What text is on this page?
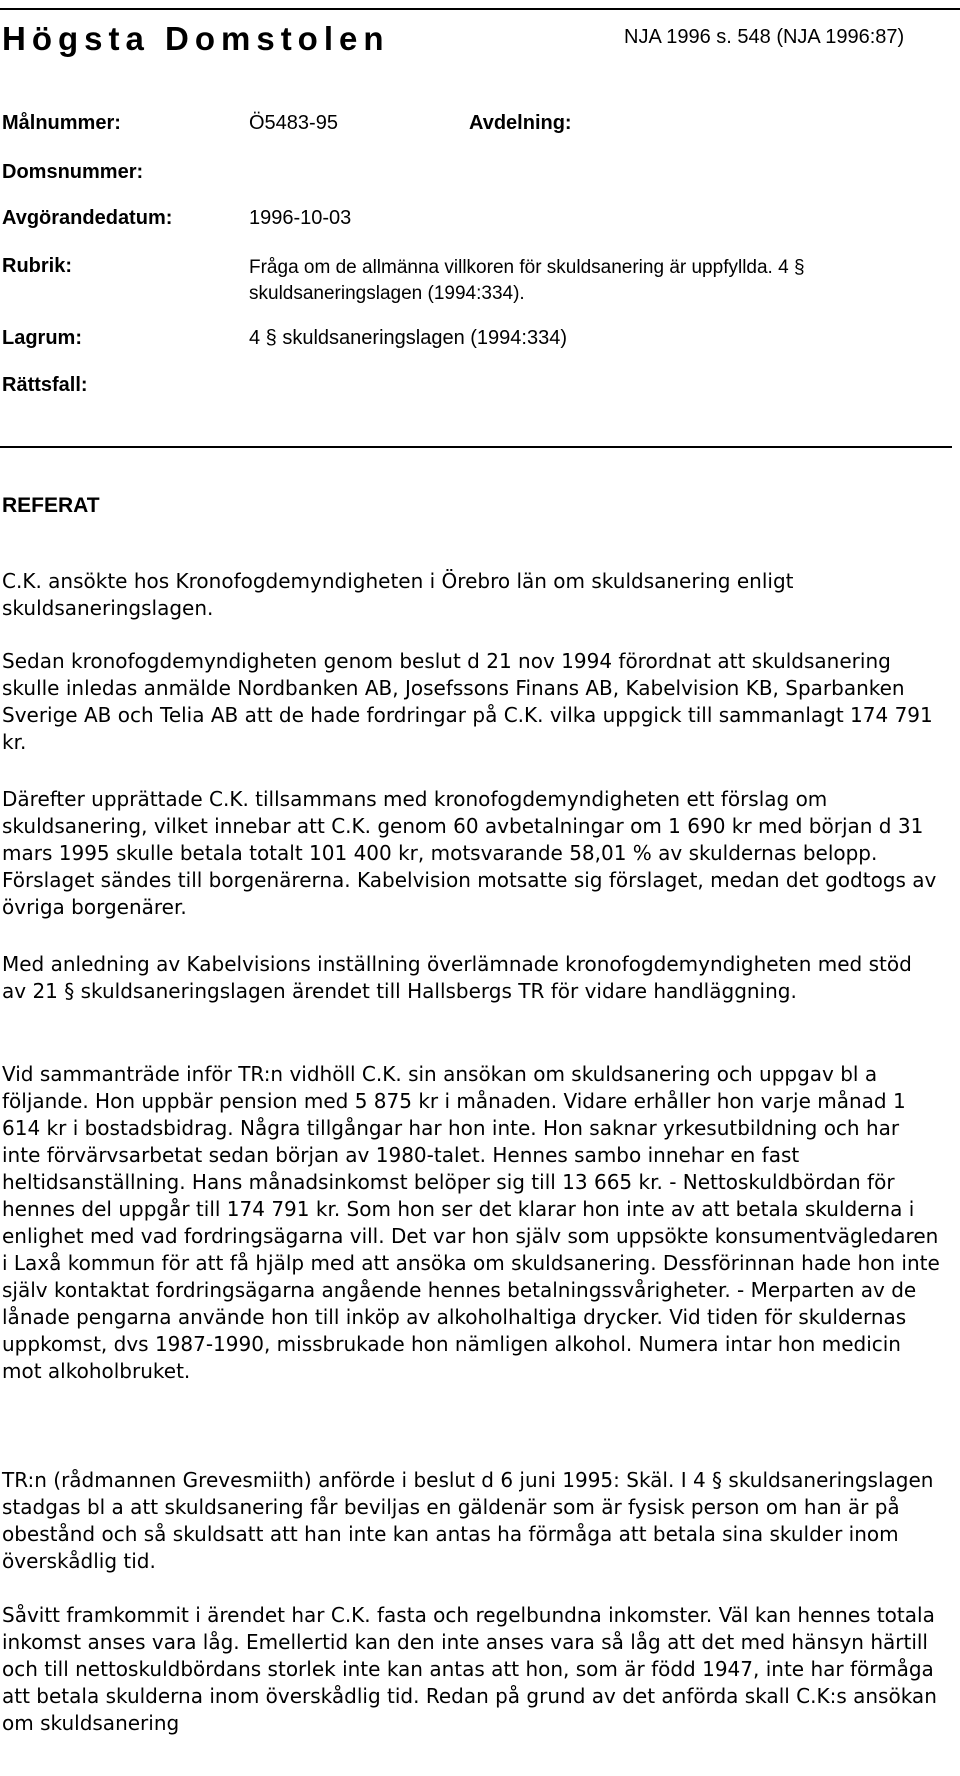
Högsta Domstolen	NJA 1996 s. 548 (NJA 1996:87)
Målnummer:	Ö5483-95	Avdelning:
Domsnummer:
Avgörandedatum:	1996-10-03
Rubrik:	Fråga om de allmänna villkoren för skuldsanering är uppfyllda. 4 § skuldsaneringslagen (1994:334).
Lagrum:	4 § skuldsaneringslagen (1994:334)
Rättsfall:
REFERAT

C.K. ansökte hos Kronofogdemyndigheten i Örebro län om skuldsanering enligt skuldsaneringslagen.

Sedan kronofogdemyndigheten genom beslut d 21 nov 1994 förordnat att skuldsanering skulle inledas anmälde Nordbanken AB, Josefssons Finans AB, Kabelvision KB, Sparbanken Sverige AB och Telia AB att de hade fordringar på C.K. vilka uppgick till sammanlagt 174 791 kr.

Därefter upprättade C.K. tillsammans med kronofogdemyndigheten ett förslag om skuldsanering, vilket innebar att C.K. genom 60 avbetalningar om 1 690 kr med början d 31 mars 1995 skulle betala totalt 101 400 kr, motsvarande 58,01 % av skuldernas belopp. Förslaget sändes till borgenärerna. Kabelvision motsatte sig förslaget, medan det godtogs av övriga borgenärer.

Med anledning av Kabelvisions inställning överlämnade kronofogdemyndigheten med stöd av 21 § skuldsaneringslagen ärendet till Hallsbergs TR för vidare handläggning.

Vid sammanträde inför TR:n vidhöll C.K. sin ansökan om skuldsanering och uppgav bl a följande. Hon uppbär pension med 5 875 kr i månaden. Vidare erhåller hon varje månad 1 614 kr i bostadsbidrag. Några tillgångar har hon inte. Hon saknar yrkesutbildning och har inte förvärvsarbetat sedan början av 1980-talet. Hennes sambo innehar en fast heltidsanställning. Hans månadsinkomst belöper sig till 13 665 kr. - Nettoskuldbördan för hennes del uppgår till 174 791 kr. Som hon ser det klarar hon inte av att betala skulderna i enlighet med vad fordringsägarna vill. Det var hon själv som uppsökte konsumentvägledaren i Laxå kommun för att få hjälp med att ansöka om skuldsanering. Dessförinnan hade hon inte själv kontaktat fordringsägarna angående hennes betalningssvårigheter. - Merparten av de lånade pengarna använde hon till inköp av alkoholhaltiga drycker. Vid tiden för skuldernas uppkomst, dvs 1987-1990, missbrukade hon nämligen alkohol. Numera intar hon medicin mot alkoholbruket.

TR:n (rådmannen Grevesmiith) anförde i beslut d 6 juni 1995: Skäl. I 4 § skuldsaneringslagen stadgas bl a att skuldsanering får beviljas en gäldenär som är fysisk person om han är på obestånd och så skuldsatt att han inte kan antas ha förmåga att betala sina skulder inom överskådlig tid.

Såvitt framkommit i ärendet har C.K. fasta och regelbundna inkomster. Väl kan hennes totala inkomst anses vara låg. Emellertid kan den inte anses vara så låg att det med hänsyn härtill och till nettoskuldbördans storlek inte kan antas att hon, som är född 1947, inte har förmåga att betala skulderna inom överskådlig tid. Redan på grund av det anförda skall C.K:s ansökan om skuldsanering
